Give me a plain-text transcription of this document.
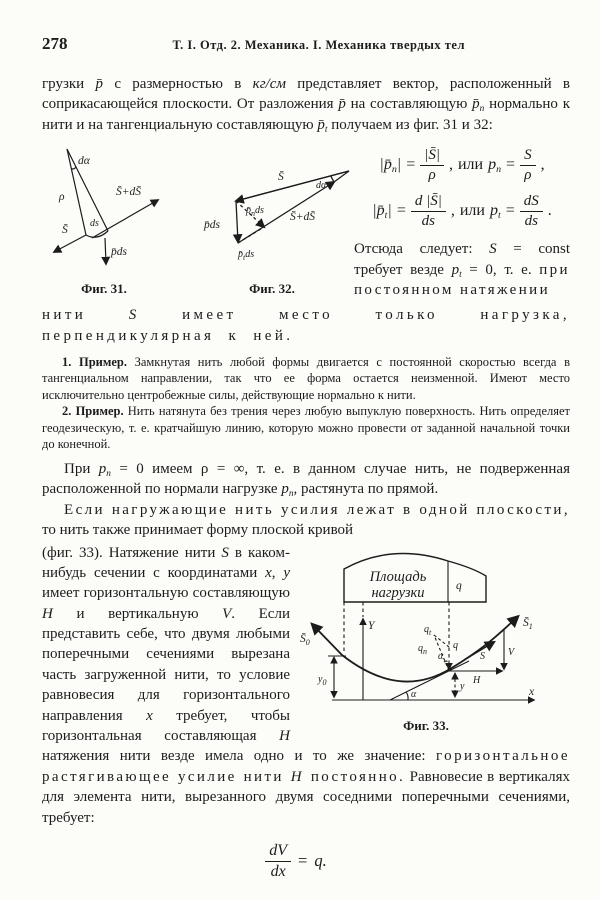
278	Т. I. Отд. 2. Механика. I. Механика твердых тел

грузки p̄ с размерностью в кг/см представляет вектор, расположенный в соприкасающейся плоскости. От разложения p̄ на составляющую $p̄_n$ нормально к нити и на тангенциальную составляющую $p̄_t$ получаем из фиг. 31 и 32:

dα
ρ	S̄+dS̄
ds
S̄
p̄ds
Фиг. 31.
S̄
dα
S̄+dS̄
p̄ds
$p̄_nds$
$p̄_tds$
Фиг. 32.
$|p̄_n| = \frac{|S̄|}{\rho}$ , или $p_n = \frac{S}{\rho}$ ,
$|p̄_t| = \frac{d |S̄|}{ds}$ , или $p_t = \frac{dS}{ds}$ .

Отсюда следует: S = const требует везде $p_t = 0$, т. е. при постоянном натяжении

нити S имеет место только нагрузка, перпендикулярная к ней.

1. Пример. Замкнутая нить любой формы двигается с постоянной скоростью всегда в тангенциальном направлении, так что ее форма остается неизменной. Имеют место исключительно центробежные силы, действующие нормально к нити.

2. Пример. Нить натянута без трения через любую выпуклую поверхность. Нить определяет геодезическую, т. е. кратчайшую линию, которую можно провести от заданной начальной точки до конечной.

При $p_n = 0$ имеем ρ = ∞, т. е. в данном случае нить, не подверженная расположенной по нормали нагрузке $p_n$, растянута по прямой.

Если нагружающие нить усилия лежат в одной плоскости, то нить также принимает форму плоской кривой

Площадь
нагрузки	q
Y
x
$S̄_0$
$S̄_1$
$q_t$
$q_n$
q
α
α
S V
H
y
$y_0$
Фиг. 33.

(фиг. 33). Натяжение нити S в каком-нибудь сечении с координатами x, y имеет горизонтальную составляющую H и вертикальную V. Если представить себе, что двумя любыми поперечными сечениями вырезана часть загруженной нити, то условие равновесия для горизонтального направления x требует, чтобы горизонтальная составляющая H натяжения нити везде имела одно и то же значение: горизонтальное растягивающее усилие нити H постоянно. Равновесие в вертикалях для элемента нити, вырезанного двумя соседними поперечными сечениями, требует:

$\frac{dV}{dx} = q$.
